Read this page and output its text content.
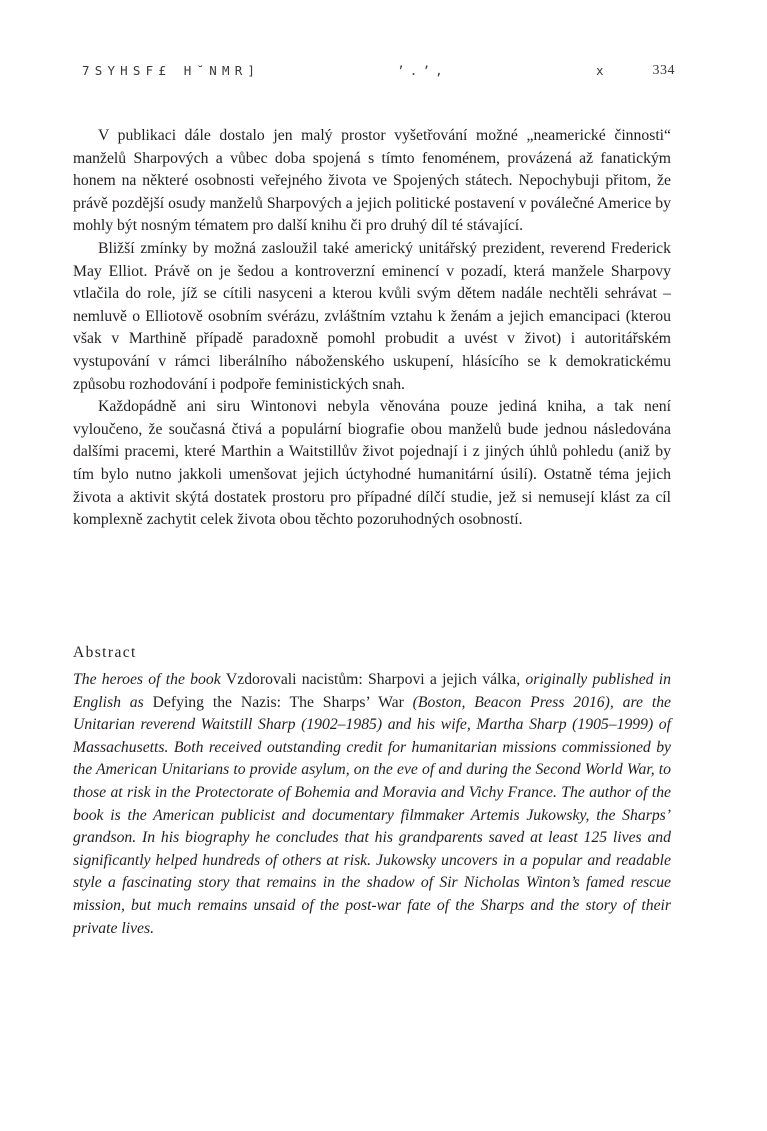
7SYHSF£ H˘NMR]	’.’,	x	334

V publikaci dále dostalo jen malý prostor vyšetřování možné „neamerické činnosti“ manželů Sharpových a vůbec doba spojená s tímto fenoménem, provázená až fanatickým honem na některé osobnosti veřejného života ve Spojených státech. Nepochybuji přitom, že právě pozdější osudy manželů Sharpových a jejich politické postavení v poválečné Americe by mohly být nosným tématem pro další knihu či pro druhý díl té stávající.

Bližší zmínky by možná zasloužil také americký unitářský prezident, reverend Frederick May Elliot. Právě on je šedou a kontroverzní eminencí v pozadí, která manžele Sharpovy vtlačila do role, jíž se cítili nasyceni a kterou kvůli svým dětem nadále nechtěli sehrávat – nemluvě o Elliotově osobním svérázu, zvláštním vztahu k ženám a jejich emancipaci (kterou však v Marthině případě paradoxně pomohl probudit a uvést v život) i autoritářském vystupování v rámci liberálního náboženského uskupení, hlásícího se k demokratickému způsobu rozhodování i podpoře feministických snah.

Každopádně ani siru Wintonovi nebyla věnována pouze jediná kniha, a tak není vyloučeno, že současná čtivá a populární biografie obou manželů bude jednou následována dalšími pracemi, které Marthin a Waitstillův život pojednají i z jiných úhlů pohledu (aniž by tím bylo nutno jakkoli umenšovat jejich úctyhodné humanitární úsilí). Ostatně téma jejich života a aktivit skýtá dostatek prostoru pro případné dílčí studie, jež si nemusejí klást za cíl komplexně zachytit celek života obou těchto pozoruhodných osobností.

Abstract

The heroes of the book Vzdorovali nacistům: Sharpovi a jejich válka, originally published in English as Defying the Nazis: The Sharps’ War (Boston, Beacon Press 2016), are the Unitarian reverend Waitstill Sharp (1902–1985) and his wife, Martha Sharp (1905–1999) of Massachusetts. Both received outstanding credit for humanitarian missions commissioned by the American Unitarians to provide asylum, on the eve of and during the Second World War, to those at risk in the Protectorate of Bohemia and Moravia and Vichy France. The author of the book is the American publicist and documentary filmmaker Artemis Jukowsky, the Sharps’ grandson. In his biography he concludes that his grandparents saved at least 125 lives and significantly helped hundreds of others at risk. Jukowsky uncovers in a popular and readable style a fascinating story that remains in the shadow of Sir Nicholas Winton’s famed rescue mission, but much remains unsaid of the post-war fate of the Sharps and the story of their private lives.
